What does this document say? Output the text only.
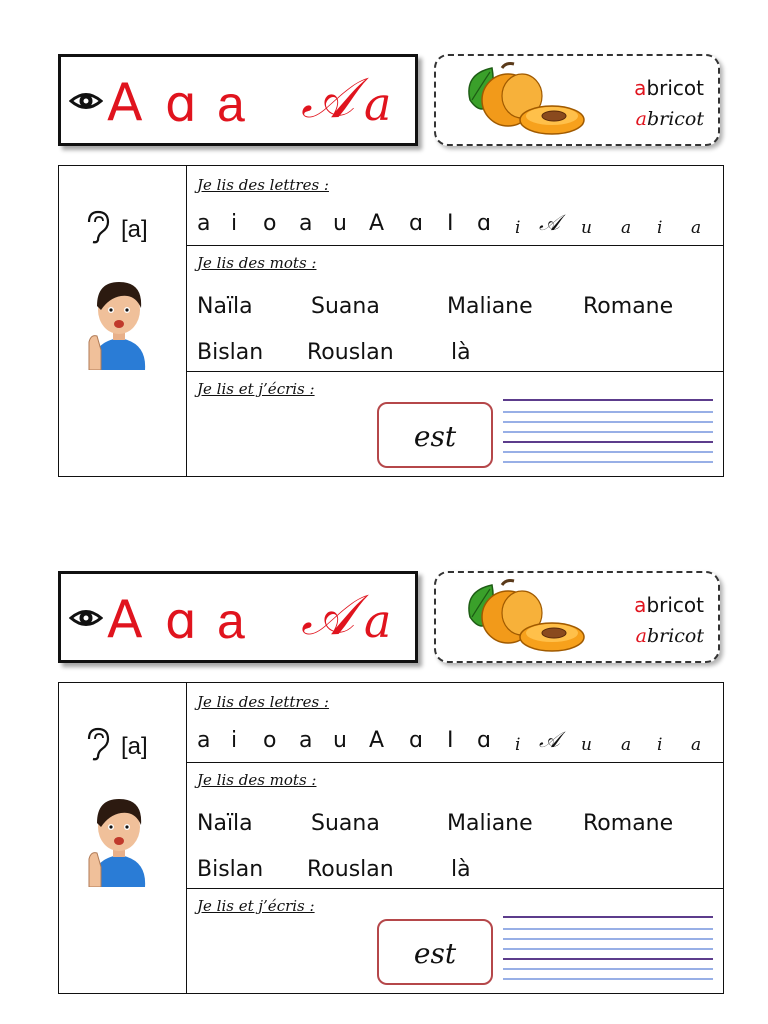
A ɑ a 𝒜 a	abricot
abricot
[a]
Je lis des lettres :
a i o a u A ɑ I ɑ i 𝒜 u a i a
Je lis des mots :
Naïla	Suana	Maliane Romane
Bislan Rouslan	là
Je lis et j’écris :
est
A ɑ a 𝒜 a	abricot
abricot
[a]
Je lis des lettres :
a i o a u A ɑ I ɑ i 𝒜 u a i a
Je lis des mots :
Naïla	Suana	Maliane Romane
Bislan Rouslan	là
Je lis et j’écris :
est
